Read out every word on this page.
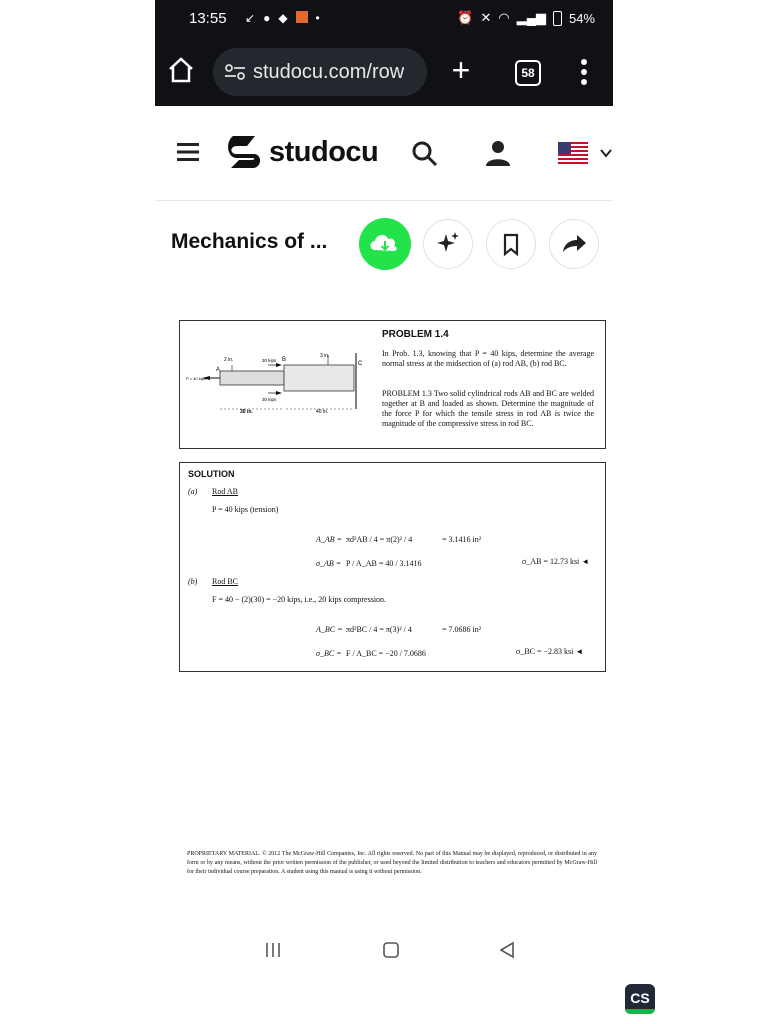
13:55 ↙ ● ◆ •	⏰ ✕ ◠ ▂▄▆ 54%
studocu.com/row +	58
studocu
Mechanics of ...
2 in.	30 kips
3 in.
30 kips
30 in.	40 in.
A
B
C
P = 40 kips
PROBLEM 1.4
In Prob. 1.3, knowing that P = 40 kips, determine the average normal stress at the midsection of (a) rod AB, (b) rod BC.
PROBLEM 1.3 Two solid cylindrical rods AB and BC are welded together at B and loaded as shown. Determine the magnitude of the force P for which the tensile stress in rod AB is twice the magnitude of the compressive stress in rod BC.
SOLUTION
(a) Rod AB
P = 40 kips (tension)
A_AB = πd²AB / 4 = π(2)² / 4	= 3.1416 in²
σ_AB = P / A_AB = 40 / 3.1416	σ_AB = 12.73 ksi ◄
(b) Rod BC
F = 40 − (2)(30) = −20 kips, i.e., 20 kips compression.
A_BC = πd²BC / 4 = π(3)² / 4	= 7.0686 in²
σ_BC = F / A_BC = −20 / 7.0686	σ_BC = −2.83 ksi ◄
PROPRIETARY MATERIAL. © 2012 The McGraw-Hill Companies, Inc. All rights reserved. No part of this Manual may be displayed, reproduced, or distributed in any form or by any means, without the prior written permission of the publisher, or used beyond the limited distribution to teachers and educators permitted by McGraw-Hill for their individual course preparation. A student using this manual is using it without permission.
CS
